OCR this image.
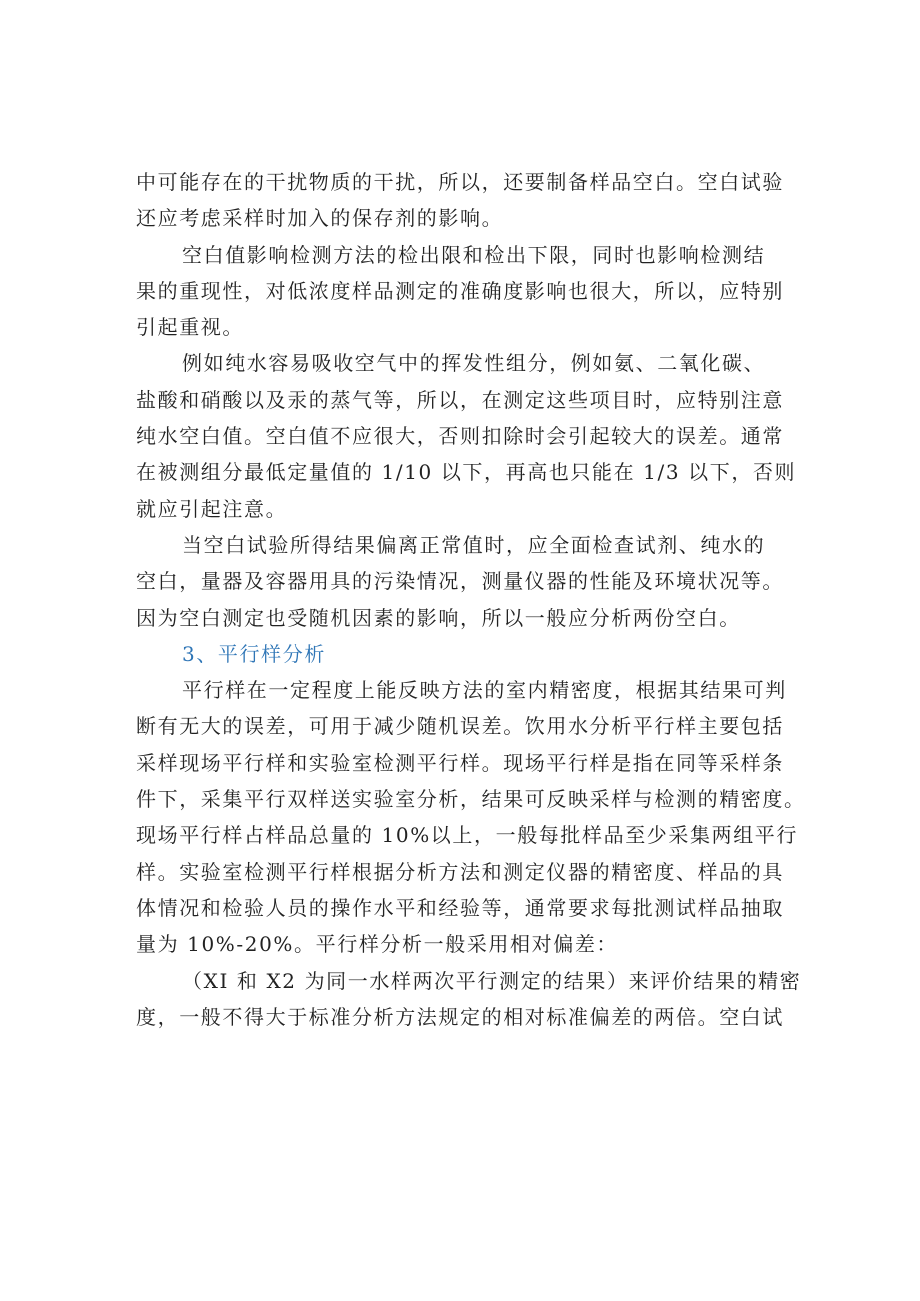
中可能存在的干扰物质的干扰，所以，还要制备样品空白。空白试验
还应考虑采样时加入的保存剂的影响。
空白值影响检测方法的检出限和检出下限，同时也影响检测结
果的重现性，对低浓度样品测定的准确度影响也很大，所以，应特别
引起重视。
例如纯水容易吸收空气中的挥发性组分，例如氨、二氧化碳、
盐酸和硝酸以及汞的蒸气等，所以，在测定这些项目时，应特别注意
纯水空白值。空白值不应很大，否则扣除时会引起较大的误差。通常
在被测组分最低定量值的 1/10 以下，再高也只能在 1/3 以下，否则
就应引起注意。
当空白试验所得结果偏离正常值时，应全面检查试剂、纯水的
空白，量器及容器用具的污染情况，测量仪器的性能及环境状况等。
因为空白测定也受随机因素的影响，所以一般应分析两份空白。
3、平行样分析
平行样在一定程度上能反映方法的室内精密度，根据其结果可判
断有无大的误差，可用于减少随机误差。饮用水分析平行样主要包括
采样现场平行样和实验室检测平行样。现场平行样是指在同等采样条
件下，采集平行双样送实验室分析，结果可反映采样与检测的精密度。
现场平行样占样品总量的 10%以上，一般每批样品至少采集两组平行
样。实验室检测平行样根据分析方法和测定仪器的精密度、样品的具
体情况和检验人员的操作水平和经验等，通常要求每批测试样品抽取
量为 10%-20%。平行样分析一般采用相对偏差：
（XI 和 X2 为同一水样两次平行测定的结果）来评价结果的精密
度，一般不得大于标准分析方法规定的相对标准偏差的两倍。空白试
